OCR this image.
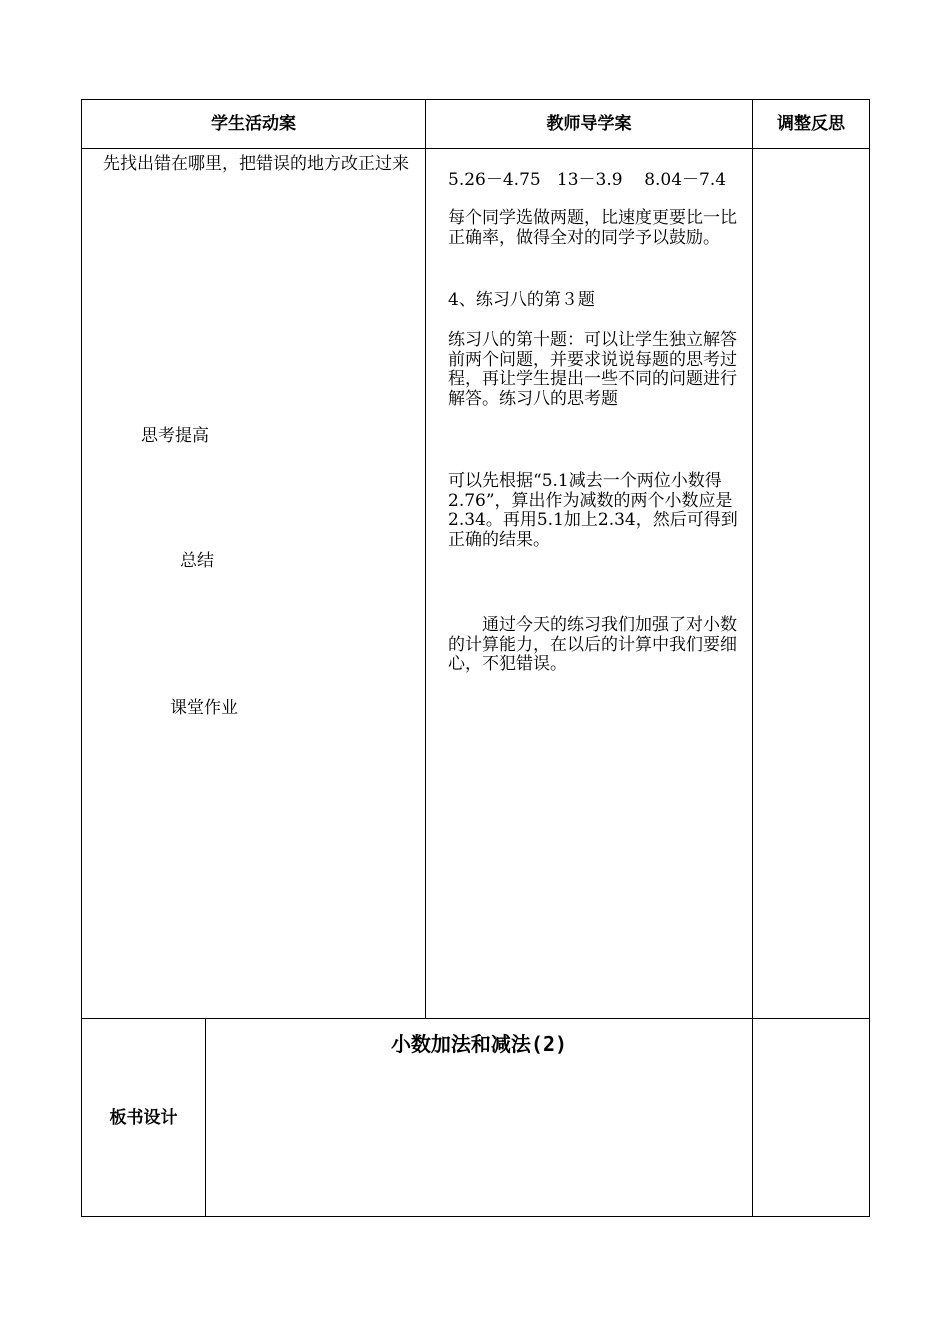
学生活动案	教师导学案	调整反思
先找出错在哪里，把错误的地方改正过来
思考提高
总结
课堂作业
5.26－4.75   13－3.9    8.04－7.4
每个同学选做两题，比速度更要比一比正确率，做得全对的同学予以鼓励。
4、练习八的第３题
练习八的第十题：可以让学生独立解答前两个问题，并要求说说每题的思考过程，再让学生提出一些不同的问题进行解答。练习八的思考题
可以先根据“5.1减去一个两位小数得2.76”，算出作为减数的两个小数应是2.34。再用5.1加上2.34，然后可得到正确的结果。
通过今天的练习我们加强了对小数的计算能力，在以后的计算中我们要细心，不犯错误。
板书设计
小数加法和减法(2)
